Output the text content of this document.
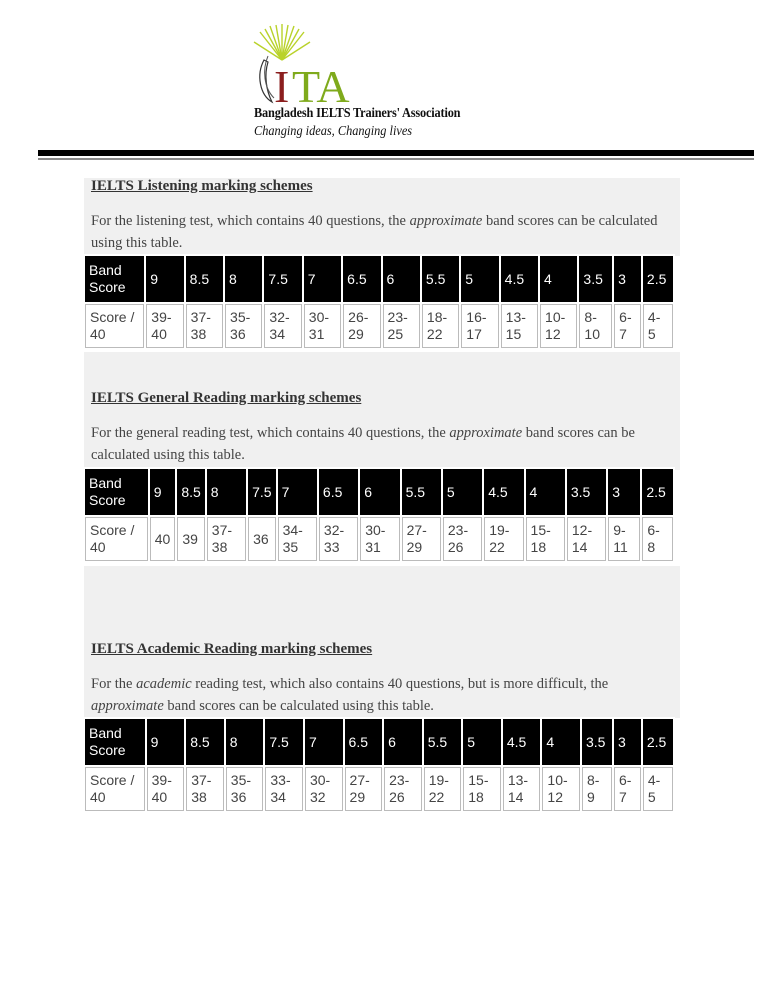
I TA
Bangladesh IELTS Trainers' Association
Changing ideas, Changing lives
IELTS Listening marking schemes

For the listening test, which contains 40 questions, the approximate band scores can be calculated using this table.

Band Score	9	8.5	8	7.5	7	6.5	6	5.5	5	4.5	4	3.5	3	2.5
Score / 40	39- 40	37- 38	35- 36	32- 34	30- 31	26- 29	23- 25	18- 22	16- 17	13- 15	10- 12	8- 10	6- 7	4- 5
IELTS General Reading marking schemes

For the general reading test, which contains 40 questions, the approximate band scores can be calculated using this table.

Band Score	9	8.5	8	7.5	7	6.5	6	5.5	5	4.5	4	3.5	3	2.5
Score / 40	40	39	37- 38	36	34- 35	32- 33	30- 31	27- 29	23- 26	19- 22	15- 18	12- 14	9- 11	6- 8
IELTS Academic Reading marking schemes

For the academic reading test, which also contains 40 questions, but is more difficult, the approximate band scores can be calculated using this table.

Band Score	9	8.5	8	7.5	7	6.5	6	5.5	5	4.5	4	3.5	3	2.5
Score / 40	39- 40	37- 38	35- 36	33- 34	30- 32	27- 29	23- 26	19- 22	15- 18	13- 14	10- 12	8- 9	6- 7	4- 5
